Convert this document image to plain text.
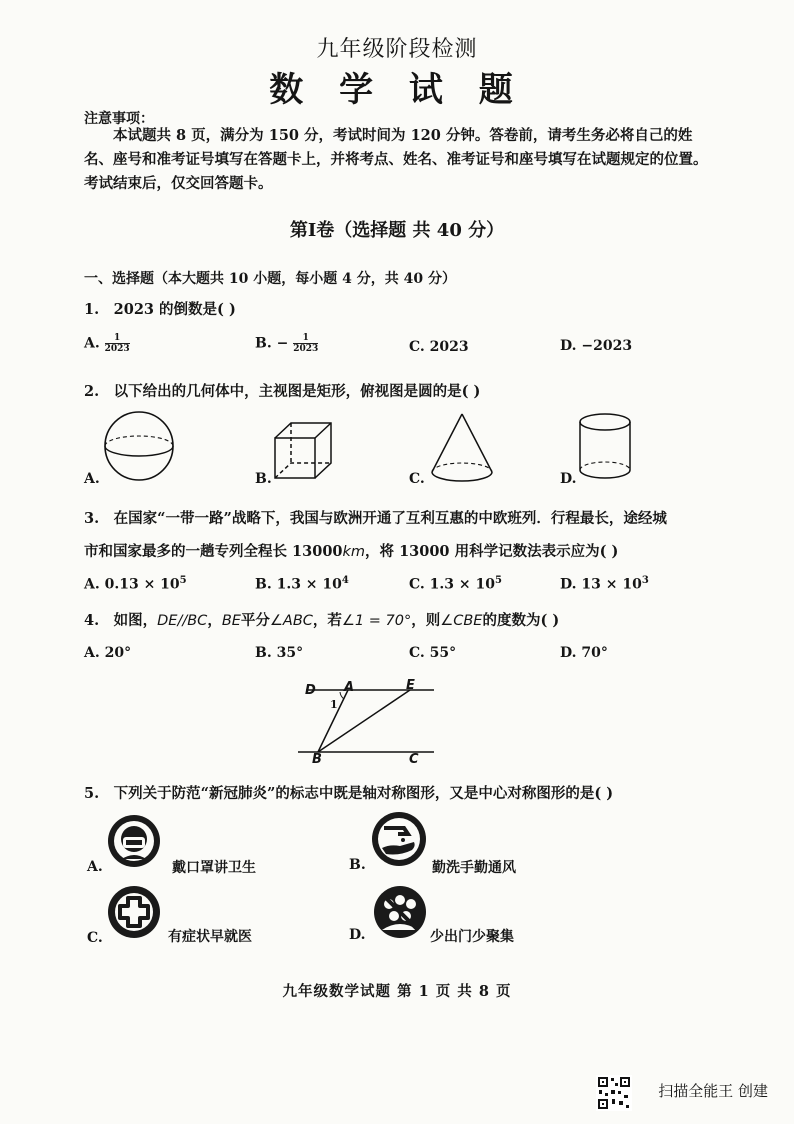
九年级阶段检测
数 学 试 题
注意事项：
本试题共 8 页，满分为 150 分，考试时间为 120 分钟。答卷前，请考生务必将自己的姓名、座号和准考证号填写在答题卡上，并将考点、姓名、准考证号和座号填写在试题规定的位置。考试结束后，仅交回答题卡。
第Ⅰ卷（选择题 共 40 分）
一、选择题（本大题共 10 小题，每小题 4 分，共 40 分）
1.　2023 的倒数是( )
A. $\frac{1}{2023}$	B. − $\frac{1}{2023}$	C. 2023	D. −2023
2.　以下给出的几何体中，主视图是矩形，俯视图是圆的是( )
A.	B.	C.	D.
3.　在国家“一带一路”战略下，我国与欧洲开通了互利互惠的中欧班列．行程最长，途经城
市和国家最多的一趟专列全程长 13000km，将 13000 用科学记数法表示应为( )
A. $0.13 \times 10^5$	B. $1.3 \times 10^4$	C. $1.3 \times 10^5$	D. $13 \times 10^3$
4.　如图，DE//BC，BE平分∠ABC，若∠1 = 70°，则∠CBE的度数为( )
A. 20°	B. 35°	C. 55°	D. 70°
D A	E
1
B	C
5.　下列关于防范“新冠肺炎”的标志中既是轴对称图形，又是中心对称图形的是( )
A.	戴口罩讲卫生	B.	勤洗手勤通风
C.	有症状早就医	D.	少出门少聚集
九年级数学试题 第 1 页 共 8 页
扫描全能王 创建
